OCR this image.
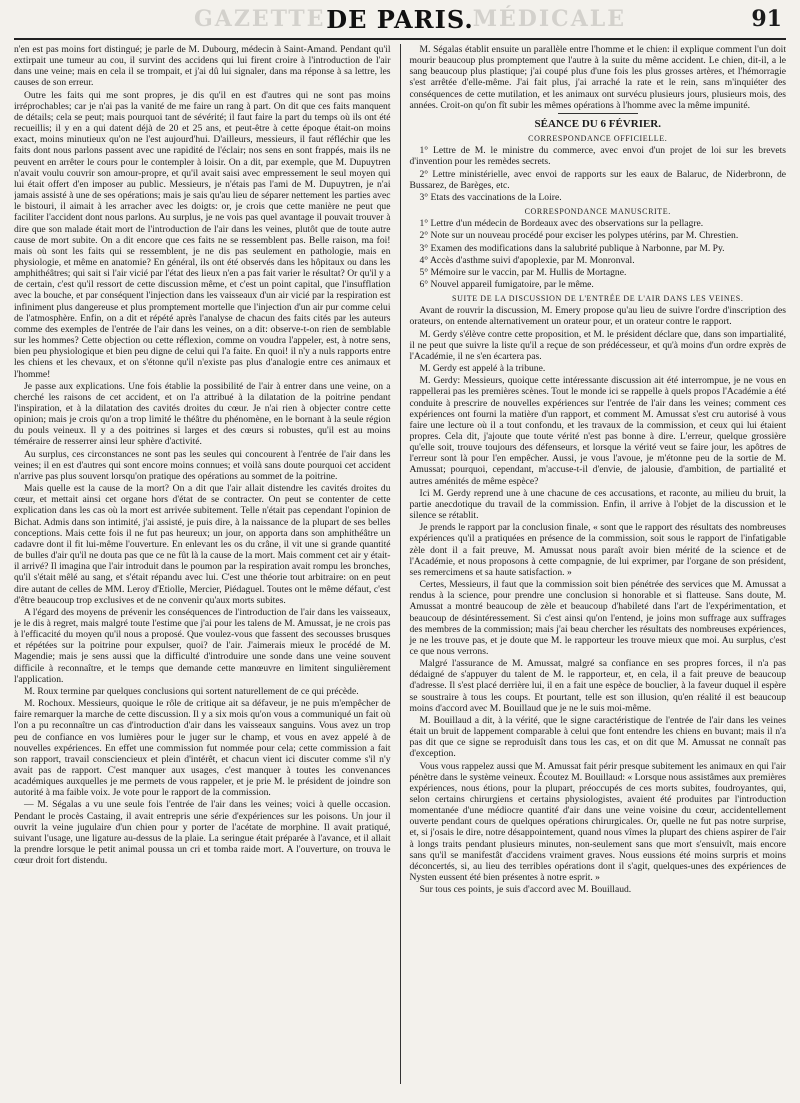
GAZETTE	MÉDICALE
DE PARIS.	91

n'en est pas moins fort distingué; je parle de M. Dubourg, médecin à Saint-Amand. Pendant qu'il extirpait une tumeur au cou, il survint des accidens qui lui firent croire à l'introduction de l'air dans une veine; mais en cela il se trompait, et j'ai dû lui signaler, dans ma réponse à sa lettre, les causes de son erreur.

Outre les faits qui me sont propres, je dis qu'il en est d'autres qui ne sont pas moins irréprochables; car je n'ai pas la vanité de me faire un rang à part. On dit que ces faits manquent de détails; cela se peut; mais pourquoi tant de sévérité; il faut faire la part du temps où ils ont été recueillis; il y en a qui datent déjà de 20 et 25 ans, et peut-être à cette époque était-on moins exact, moins minutieux qu'on ne l'est aujourd'hui. D'ailleurs, messieurs, il faut réfléchir que les faits dont nous parlons passent avec une rapidité de l'éclair; nos sens en sont frappés, mais ils ne peuvent en arrêter le cours pour le contempler à loisir. On a dit, par exemple, que M. Dupuytren n'avait voulu couvrir son amour-propre, et qu'il avait saisi avec empressement le seul moyen qui lui était offert d'en imposer au public. Messieurs, je n'étais pas l'ami de M. Dupuytren, je n'ai jamais assisté à une de ses opérations; mais je sais qu'au lieu de séparer nettement les parties avec le bistouri, il aimait à les arracher avec les doigts: or, je crois que cette manière ne peut que faciliter l'accident dont nous parlons. Au surplus, je ne vois pas quel avantage il pouvait trouver à dire que son malade était mort de l'introduction de l'air dans les veines, plutôt que de toute autre cause de mort subite. On a dit encore que ces faits ne se ressemblent pas. Belle raison, ma foi! mais où sont les faits qui se ressemblent, je ne dis pas seulement en pathologie, mais en physiologie, et même en anatomie? En général, ils ont été observés dans les hôpitaux ou dans les amphithéâtres; qui sait si l'air vicié par l'état des lieux n'en a pas fait varier le résultat? Or qu'il y a de certain, c'est qu'il ressort de cette discussion même, et c'est un point capital, que l'insufflation avec la bouche, et par conséquent l'injection dans les vaisseaux d'un air vicié par la respiration est infiniment plus dangereuse et plus promptement mortelle que l'injection d'un air pur comme celui de l'atmosphère. Enfin, on a dit et répété après l'analyse de chacun des faits cités par les auteurs comme des exemples de l'entrée de l'air dans les veines, on a dit: observe-t-on rien de semblable sur les hommes? Cette objection ou cette réflexion, comme on voudra l'appeler, est, à notre sens, bien peu physiologique et bien peu digne de celui qui l'a faite. En quoi! il n'y a nuls rapports entre les chiens et les chevaux, et on s'étonne qu'il n'existe pas plus d'analogie entre ces animaux et l'homme!

Je passe aux explications. Une fois établie la possibilité de l'air à entrer dans une veine, on a cherché les raisons de cet accident, et on l'a attribué à la dilatation de la poitrine pendant l'inspiration, et à la dilatation des cavités droites du cœur. Je n'ai rien à objecter contre cette opinion; mais je crois qu'on a trop limité le théâtre du phénomène, en le bornant à la seule région du pouls veineux. Il y a des poitrines si larges et des cœurs si robustes, qu'il est au moins téméraire de resserrer ainsi leur sphère d'activité.

Au surplus, ces circonstances ne sont pas les seules qui concourent à l'entrée de l'air dans les veines; il en est d'autres qui sont encore moins connues; et voilà sans doute pourquoi cet accident n'arrive pas plus souvent lorsqu'on pratique des opérations au sommet de la poitrine.

Mais quelle est la cause de la mort? On a dit que l'air allait distendre les cavités droites du cœur, et mettait ainsi cet organe hors d'état de se contracter. On peut se contenter de cette explication dans les cas où la mort est arrivée subitement. Telle n'était pas cependant l'opinion de Bichat. Admis dans son intimité, j'ai assisté, je puis dire, à la naissance de la plupart de ses belles conceptions. Mais cette fois il ne fut pas heureux; un jour, on apporta dans son amphithéâtre un cadavre dont il fit lui-même l'ouverture. En enlevant les os du crâne, il vit une si grande quantité de bulles d'air qu'il ne douta pas que ce ne fût là la cause de la mort. Mais comment cet air y était-il arrivé? Il imagina que l'air introduit dans le poumon par la respiration avait rompu les bronches, qu'il s'était mêlé au sang, et s'était répandu avec lui. C'est une théorie tout arbitraire: on en peut dire autant de celles de MM. Leroy d'Etiolle, Mercier, Piédaguel. Toutes ont le même défaut, c'est d'être beaucoup trop exclusives et de ne convenir qu'aux morts subites.

A l'égard des moyens de prévenir les conséquences de l'introduction de l'air dans les vaisseaux, je le dis à regret, mais malgré toute l'estime que j'ai pour les talens de M. Amussat, je ne crois pas à l'efficacité du moyen qu'il nous a proposé. Que voulez-vous que fassent des secousses brusques et répétées sur la poitrine pour expulser, quoi? de l'air. J'aimerais mieux le procédé de M. Magendie; mais je sens aussi que la difficulté d'introduire une sonde dans une veine souvent difficile à reconnaître, et le temps que demande cette manœuvre en limitent singulièrement l'application.

M. Roux termine par quelques conclusions qui sortent naturellement de ce qui précède.

M. Rochoux. Messieurs, quoique le rôle de critique ait sa défaveur, je ne puis m'empêcher de faire remarquer la marche de cette discussion. Il y a six mois qu'on vous a communiqué un fait où l'on a pu reconnaître un cas d'introduction d'air dans les vaisseaux sanguins. Vous avez un trop peu de confiance en vos lumières pour le juger sur le champ, et vous en avez appelé à de nouvelles expériences. En effet une commission fut nommée pour cela; cette commission a fait son rapport, travail consciencieux et plein d'intérêt, et chacun vient ici discuter comme s'il n'y avait pas de rapport. C'est manquer aux usages, c'est manquer à toutes les convenances académiques auxquelles je me permets de vous rappeler, et je prie M. le président de joindre son autorité à ma faible voix. Je vote pour le rapport de la commission.

— M. Ségalas a vu une seule fois l'entrée de l'air dans les veines; voici à quelle occasion. Pendant le procès Castaing, il avait entrepris une série d'expériences sur les poisons. Un jour il ouvrit la veine jugulaire d'un chien pour y porter de l'acétate de morphine. Il avait pratiqué, suivant l'usage, une ligature au-dessus de la plaie. La seringue était préparée à l'avance, et il allait la prendre lorsque le petit animal poussa un cri et tomba raide mort. A l'ouverture, on trouva le cœur droit fort distendu.

M. Ségalas établit ensuite un parallèle entre l'homme et le chien: il explique comment l'un doit mourir beaucoup plus promptement que l'autre à la suite du même accident. Le chien, dit-il, a le sang beaucoup plus plastique; j'ai coupé plus d'une fois les plus grosses artères, et l'hémorragie s'est arrêtée d'elle-même. J'ai fait plus, j'ai arraché la rate et le rein, sans m'inquiéter des conséquences de cette mutilation, et les animaux ont survécu plusieurs jours, plusieurs mois, des années. Croit-on qu'on fît subir les mêmes opérations à l'homme avec la même impunité.

SÉANCE DU 6 FÉVRIER.
CORRESPONDANCE OFFICIELLE.

1° Lettre de M. le ministre du commerce, avec envoi d'un projet de loi sur les brevets d'invention pour les remèdes secrets.

2° Lettre ministérielle, avec envoi de rapports sur les eaux de Balaruc, de Niderbronn, de Bussarez, de Barèges, etc.

3° Etats des vaccinations de la Loire.

CORRESPONDANCE MANUSCRITE.

1° Lettre d'un médecin de Bordeaux avec des observations sur la pellagre.

2° Note sur un nouveau procédé pour exciser les polypes utérins, par M. Chrestien.

3° Examen des modifications dans la salubrité publique à Narbonne, par M. Py.

4° Accès d'asthme suivi d'apoplexie, par M. Monronval.

5° Mémoire sur le vaccin, par M. Hullis de Mortagne.

6° Nouvel appareil fumigatoire, par le même.

SUITE DE LA DISCUSSION DE L'ENTRÉE DE L'AIR DANS LES VEINES.

Avant de rouvrir la discussion, M. Emery propose qu'au lieu de suivre l'ordre d'inscription des orateurs, on entende alternativement un orateur pour, et un orateur contre le rapport.

M. Gerdy s'élève contre cette proposition, et M. le président déclare que, dans son impartialité, il ne peut que suivre la liste qu'il a reçue de son prédécesseur, et qu'à moins d'un ordre exprès de l'Académie, il ne s'en écartera pas.

M. Gerdy est appelé à la tribune.

M. Gerdy: Messieurs, quoique cette intéressante discussion ait été interrompue, je ne vous en rappellerai pas les premières scènes. Tout le monde ici se rappelle à quels propos l'Académie a été conduite à prescrire de nouvelles expériences sur l'entrée de l'air dans les veines; comment ces expériences ont fourni la matière d'un rapport, et comment M. Amussat s'est cru autorisé à vous faire une lecture où il a tout confondu, et les travaux de la commission, et ceux qui lui étaient propres. Cela dit, j'ajoute que toute vérité n'est pas bonne à dire. L'erreur, quelque grossière qu'elle soit, trouve toujours des défenseurs, et lorsque la vérité veut se faire jour, les apôtres de l'erreur sont là pour l'en empêcher. Aussi, je vous l'avoue, je m'étonne peu de la sortie de M. Amussat; pourquoi, cependant, m'accuse-t-il d'envie, de jalousie, d'ambition, de partialité et autres aménités de même espèce?

Ici M. Gerdy reprend une à une chacune de ces accusations, et raconte, au milieu du bruit, la partie anecdotique du travail de la commission. Enfin, il arrive à l'objet de la discussion et le silence se rétablit.

Je prends le rapport par la conclusion finale, « sont que le rapport des résultats des nombreuses expériences qu'il a pratiquées en présence de la commission, soit sous le rapport de l'infatigable zèle dont il a fait preuve, M. Amussat nous paraît avoir bien mérité de la science et de l'Académie, et nous proposons à cette compagnie, de lui exprimer, par l'organe de son président, ses remercimens et sa haute satisfaction. »

Certes, Messieurs, il faut que la commission soit bien pénétrée des services que M. Amussat a rendus à la science, pour prendre une conclusion si honorable et si flatteuse. Sans doute, M. Amussat a montré beaucoup de zèle et beaucoup d'habileté dans l'art de l'expérimentation, et beaucoup de désintéressement. Si c'est ainsi qu'on l'entend, je joins mon suffrage aux suffrages des membres de la commission; mais j'ai beau chercher les résultats des nombreuses expériences, je ne les trouve pas, et je doute que M. le rapporteur les trouve mieux que moi. Au surplus, c'est ce que nous verrons.

Malgré l'assurance de M. Amussat, malgré sa confiance en ses propres forces, il n'a pas dédaigné de s'appuyer du talent de M. le rapporteur, et, en cela, il a fait preuve de beaucoup d'adresse. Il s'est placé derrière lui, il en a fait une espèce de bouclier, à la faveur duquel il espère se soustraire à tous les coups. Et pourtant, telle est son illusion, qu'en réalité il est beaucoup moins d'accord avec M. Bouillaud que je ne le suis moi-même.

M. Bouillaud a dit, à la vérité, que le signe caractéristique de l'entrée de l'air dans les veines était un bruit de lappement comparable à celui que font entendre les chiens en buvant; mais il n'a pas dit que ce signe se reproduisît dans tous les cas, et on dit que M. Amussat ne connaît pas d'exception.

Vous vous rappelez aussi que M. Amussat fait périr presque subitement les animaux en qui l'air pénètre dans le système veineux. Écoutez M. Bouillaud: « Lorsque nous assistâmes aux premières expériences, nous étions, pour la plupart, préoccupés de ces morts subites, foudroyantes, qui, selon certains chirurgiens et certains physiologistes, avaient été produites par l'introduction momentanée d'une médiocre quantité d'air dans une veine voisine du cœur, accidentellement ouverte pendant cours de quelques opérations chirurgicales. Or, quelle ne fut pas notre surprise, et, si j'osais le dire, notre désappointement, quand nous vîmes la plupart des chiens aspirer de l'air à longs traits pendant plusieurs minutes, non-seulement sans que mort s'ensuivît, mais encore sans qu'il se manifestât d'accidens vraiment graves. Nous eussions été moins surpris et moins déconcertés, si, au lieu des terribles opérations dont il s'agit, quelques-unes des expériences de Nysten eussent été bien présentes à notre esprit. »

Sur tous ces points, je suis d'accord avec M. Bouillaud.
